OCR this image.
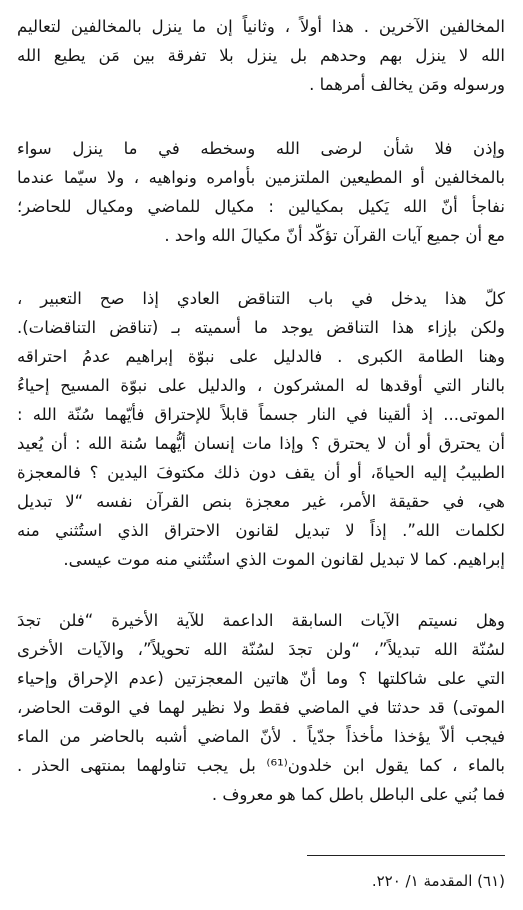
المخالفين الآخرين . هذا أولاً ، وثانياً إن ما ينزل بالمخالفين لتعاليم
الله لا ينزل بهم وحدهم بل ينزل بلا تفرقة بين مَن يطيع الله
ورسوله ومَن يخالف أمرهما .
وإذن فلا شأن لرضى الله وسخطه في ما ينزل سواء
بالمخالفين أو المطيعين الملتزمين بأوامره ونواهيه ، ولا سيّما عندما
نفاجأ أنّ الله يَكيل بمكيالين : مكيال للماضي ومكيال للحاضر؛
مع أن جميع آيات القرآن تؤكّد أنّ مكيالَ الله واحد .
كلّ هذا يدخل في باب التناقض العادي إذا صح التعبير ،
ولكن بإزاء هذا التناقض يوجد ما أسميته بـ (تناقض التناقضات).
وهنا الطامة الكبرى . فالدليل على نبوّة إبراهيم عدمُ احتراقه
بالنار التي أوقدها له المشركون ، والدليل على نبوّة المسيح إحياءُ
الموتى... إذ ألقينا في النار جسماً قابلاً للإحتراق فأيّهما سُنّة الله :
أن يحترق أو أن لا يحترق ؟ وإذا مات إنسان أيُّهما سُنة الله : أن يُعيد
الطبيبُ إليه الحياةَ، أو أن يقف دون ذلك مكتوفَ اليدين ؟ فالمعجزة
هي، في حقيقة الأمر، غير معجزة بنص القرآن نفسه “لا تبديل
لكلمات الله”. إذاً لا تبديل لقانون الاحتراق الذي استُثني منه
إبراهيم. كما لا تبديل لقانون الموت الذي استُثني منه موت عيسى.
وهل نسيتم الآيات السابقة الداعمة للآية الأخيرة “فلن تجدَ
لسُنّة الله تبديلاً”، “ولن تجدَ لسُنّة الله تحويلاً”، والآيات الأخرى
التي على شاكلتها ؟ وما أنّ هاتين المعجزتين (عدم الإحراق وإحياء
الموتى) قد حدثتا في الماضي فقط ولا نظير لهما في الوقت الحاضر،
فيجب ألاّ يؤخذا مأخذاً جدّياً . لأنّ الماضي أشبه بالحاضر من الماء
بالماء ، كما يقول ابن خلدون⁽⁶¹⁾ بل يجب تناولهما بمنتهى الحذر .
فما بُني على الباطل باطل كما هو معروف .
(٦١) المقدمة ١/ ٢٢٠.
